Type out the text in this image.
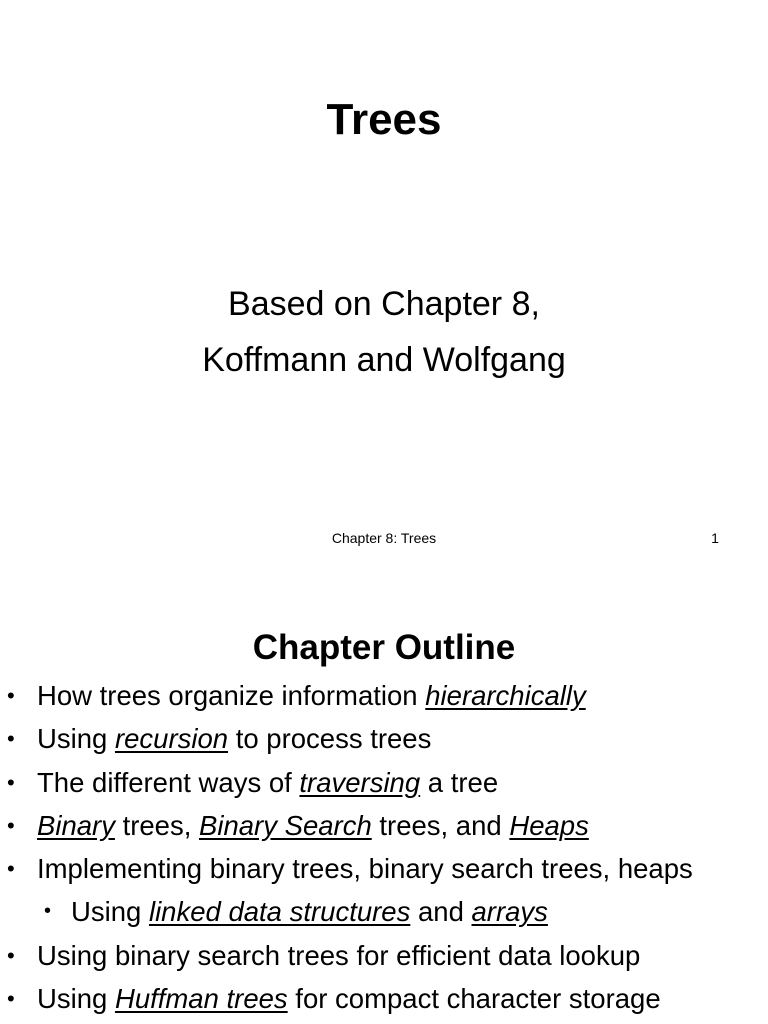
Trees
Based on Chapter 8,
Koffmann and Wolfgang
Chapter 8: Trees	1
Chapter Outline
• How trees organize information hierarchically
• Using recursion to process trees
• The different ways of traversing a tree
• Binary trees, Binary Search trees, and Heaps
• Implementing binary trees, binary search trees, heaps
• Using linked data structures and arrays
• Using binary search trees for efficient data lookup
• Using Huffman trees for compact character storage
